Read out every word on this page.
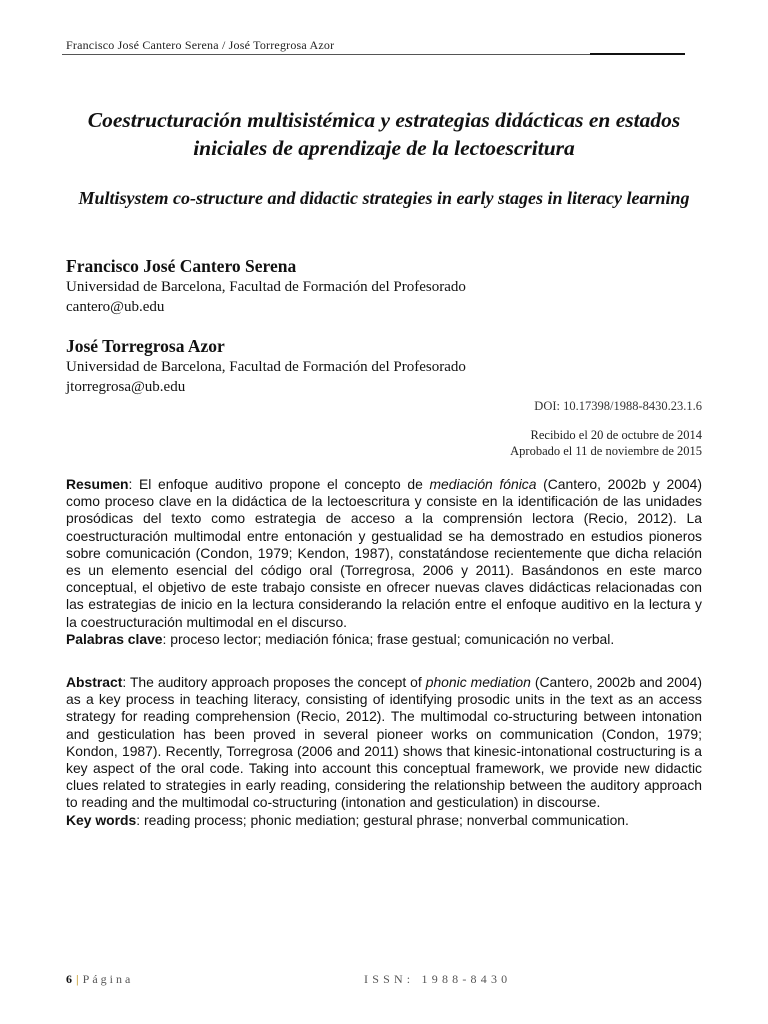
Francisco José Cantero Serena / José Torregrosa Azor
Coestructuración multisistémica y estrategias didácticas en estados iniciales de aprendizaje de la lectoescritura
Multisystem co-structure and didactic strategies in early stages in literacy learning
Francisco José Cantero Serena
Universidad de Barcelona, Facultad de Formación del Profesorado
cantero@ub.edu
José Torregrosa Azor
Universidad de Barcelona, Facultad de Formación del Profesorado
jtorregrosa@ub.edu
DOI: 10.17398/1988-8430.23.1.6
Recibido el 20 de octubre de 2014
Aprobado el 11 de noviembre de 2015

Resumen: El enfoque auditivo propone el concepto de mediación fónica (Cantero, 2002b y 2004) como proceso clave en la didáctica de la lectoescritura y consiste en la identificación de las unidades prosódicas del texto como estrategia de acceso a la comprensión lectora (Recio, 2012). La coestructuración multimodal entre entonación y gestualidad se ha demostrado en estudios pioneros sobre comunicación (Condon, 1979; Kendon, 1987), constatándose recientemente que dicha relación es un elemento esencial del código oral (Torregrosa, 2006 y 2011). Basándonos en este marco conceptual, el objetivo de este trabajo consiste en ofrecer nuevas claves didácticas relacionadas con las estrategias de inicio en la lectura considerando la relación entre el enfoque auditivo en la lectura y la coestructuración multimodal en el discurso.

Palabras clave: proceso lector; mediación fónica; frase gestual; comunicación no verbal.

Abstract: The auditory approach proposes the concept of phonic mediation (Cantero, 2002b and 2004) as a key process in teaching literacy, consisting of identifying prosodic units in the text as an access strategy for reading comprehension (Recio, 2012). The multimodal co-structuring between intonation and gesticulation has been proved in several pioneer works on communication (Condon, 1979; Kondon, 1987). Recently, Torregrosa (2006 and 2011) shows that kinesic-intonational costructuring is a key aspect of the oral code. Taking into account this conceptual framework, we provide new didactic clues related to strategies in early reading, considering the relationship between the auditory approach to reading and the multimodal co-structuring (intonation and gesticulation) in discourse.

Key words: reading process; phonic mediation; gestural phrase; nonverbal communication.

6 | Página	ISSN: 1988-8430
